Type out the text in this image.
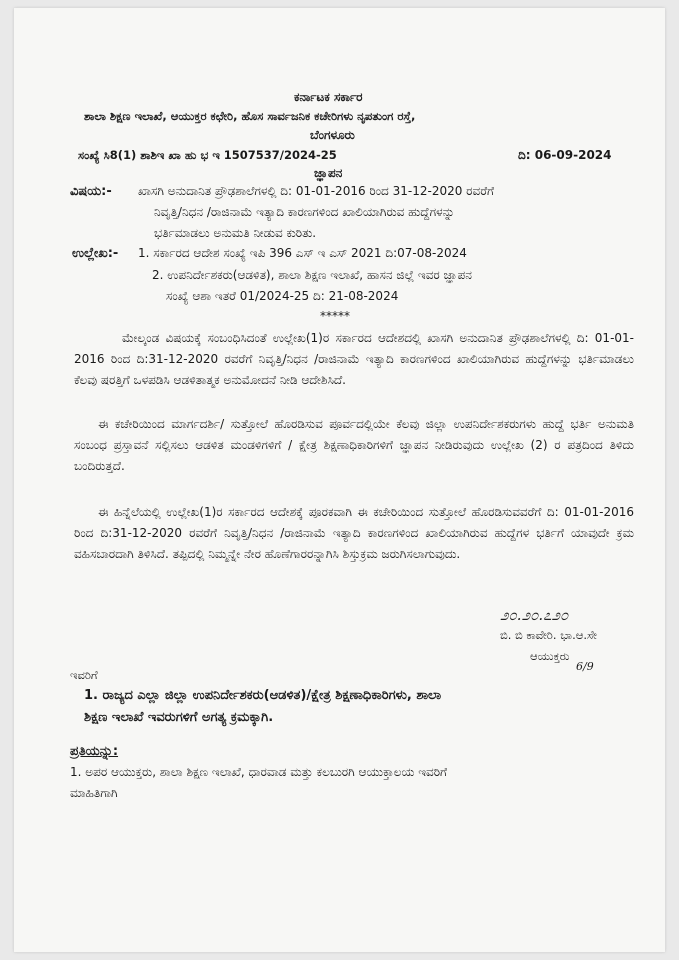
ಕರ್ನಾಟಕ ಸರ್ಕಾರ
ಶಾಲಾ ಶಿಕ್ಷಣ ಇಲಾಖೆ, ಆಯುಕ್ತರ ಕಛೇರಿ, ಹೊಸ ಸಾರ್ವಜನಿಕ ಕಚೇರಿಗಳು ನೃಪತುಂಗ ರಸ್ತೆ,
ಬೆಂಗಳೂರು
ಸಂಖ್ಯೆ ಸಿ8(1) ಶಾಶಿಇ ಖಾ ಹು ಭ ಇ 1507537/2024-25	ದಿ: 06-09-2024
ಜ್ಞಾಪನ
ವಿಷಯ:- ಖಾಸಗಿ ಅನುದಾನಿತ ಪ್ರೌಢಶಾಲೆಗಳಲ್ಲಿ ದಿ: 01-01-2016 ರಿಂದ 31-12-2020 ರವರೆಗೆ
ನಿವೃತ್ತಿ/ನಿಧನ /ರಾಜಿನಾಮೆ ಇತ್ಯಾದಿ ಕಾರಣಗಳಿಂದ ಖಾಲಿಯಾಗಿರುವ ಹುದ್ದೆಗಳನ್ನು
ಭರ್ತಿಮಾಡಲು ಅನುಮತಿ ನೀಡುವ ಕುರಿತು.
ಉಲ್ಲೇಖ:- 1. ಸರ್ಕಾರದ ಆದೇಶ ಸಂಖ್ಯೆ ಇಪಿ 396 ಎಸ್ ಇ ಎಸ್ 2021 ದಿ:07-08-2024
2. ಉಪನಿರ್ದೇಶಕರು(ಆಡಳಿತ), ಶಾಲಾ ಶಿಕ್ಷಣ ಇಲಾಖೆ, ಹಾಸನ ಜಿಲ್ಲೆ ಇವರ ಜ್ಞಾಪನ
ಸಂಖ್ಯೆ ಆಶಾ ಇತರೆ 01/2024-25 ದಿ: 21-08-2024
*****
ಮೇಲ್ಕಂಡ ವಿಷಯಕ್ಕೆ ಸಂಬಂಧಿಸಿದಂತೆ ಉಲ್ಲೇಖ(1)ರ ಸರ್ಕಾರದ ಆದೇಶದಲ್ಲಿ ಖಾಸಗಿ ಅನುದಾನಿತ ಪ್ರೌಢಶಾಲೆಗಳಲ್ಲಿ ದಿ: 01-01-2016 ರಿಂದ ದಿ:31-12-2020 ರವರೆಗೆ ನಿವೃತ್ತಿ/ನಿಧನ /ರಾಜಿನಾಮೆ ಇತ್ಯಾದಿ ಕಾರಣಗಳಿಂದ ಖಾಲಿಯಾಗಿರುವ ಹುದ್ದೆಗಳನ್ನು ಭರ್ತಿಮಾಡಲು ಕೆಲವು ಷರತ್ತಿಗೆ ಒಳಪಡಿಸಿ ಆಡಳಿತಾತ್ಮಕ ಅನುಮೋದನೆ ನೀಡಿ ಆದೇಶಿಸಿದೆ.
ಈ ಕಚೇರಿಯಿಂದ ಮಾರ್ಗದರ್ಶಿ/ ಸುತ್ತೋಲೆ ಹೊರಡಿಸುವ ಪೂರ್ವದಲ್ಲಿಯೇ ಕೆಲವು ಜಿಲ್ಲಾ ಉಪನಿರ್ದೇಶಕರುಗಳು ಹುದ್ದೆ ಭರ್ತಿ ಅನುಮತಿ ಸಂಬಂಧ ಪ್ರಸ್ತಾವನೆ ಸಲ್ಲಿಸಲು ಆಡಳಿತ ಮಂಡಳಿಗಳಿಗೆ / ಕ್ಷೇತ್ರ ಶಿಕ್ಷಣಾಧಿಕಾರಿಗಳಿಗೆ ಜ್ಞಾಪನ ನೀಡಿರುವುದು ಉಲ್ಲೇಖ (2) ರ ಪತ್ರದಿಂದ ತಿಳಿದು ಬಂದಿರುತ್ತದೆ.
ಈ ಹಿನ್ನೆಲೆಯಲ್ಲಿ ಉಲ್ಲೇಖ(1)ರ ಸರ್ಕಾರದ ಆದೇಶಕ್ಕೆ ಪೂರಕವಾಗಿ ಈ ಕಚೇರಿಯಿಂದ ಸುತ್ತೋಲೆ ಹೊರಡಿಸುವವರೆಗೆ ದಿ: 01-01-2016 ರಿಂದ ದಿ:31-12-2020 ರವರೆಗೆ ನಿವೃತ್ತಿ/ನಿಧನ /ರಾಜಿನಾಮೆ ಇತ್ಯಾದಿ ಕಾರಣಗಳಿಂದ ಖಾಲಿಯಾಗಿರುವ ಹುದ್ದೆಗಳ ಭರ್ತಿಗೆ ಯಾವುದೇ ಕ್ರಮ ವಹಿಸಬಾರದಾಗಿ ತಿಳಿಸಿದೆ. ತಪ್ಪಿದಲ್ಲಿ ನಿಮ್ಮನ್ನೇ ನೇರ ಹೊಣೆಗಾರರನ್ನಾಗಿಸಿ ಶಿಸ್ತುಕ್ರಮ ಜರುಗಿಸಲಾಗುವುದು.
೨೦.೨೦.೭೨೦
ಬಿ. ಬಿ ಕಾವೇರಿ. ಭಾ.ಆ.ಸೇ
ಆಯುಕ್ತರು
6/9
ಇವರಿಗೆ
1. ರಾಜ್ಯದ ಎಲ್ಲಾ ಜಿಲ್ಲಾ ಉಪನಿರ್ದೇಶಕರು(ಆಡಳಿತ)/ಕ್ಷೇತ್ರ ಶಿಕ್ಷಣಾಧಿಕಾರಿಗಳು, ಶಾಲಾ
ಶಿಕ್ಷಣ ಇಲಾಖೆ ಇವರುಗಳಿಗೆ ಅಗತ್ಯ ಕ್ರಮಕ್ಕಾಗಿ.
ಪ್ರತಿಯನ್ನು:
1. ಅಪರ ಆಯುಕ್ತರು, ಶಾಲಾ ಶಿಕ್ಷಣ ಇಲಾಖೆ, ಧಾರವಾಡ ಮತ್ತು ಕಲಬುರಗಿ ಆಯುಕ್ತಾಲಯ ಇವರಿಗೆ
ಮಾಹಿತಿಗಾಗಿ
